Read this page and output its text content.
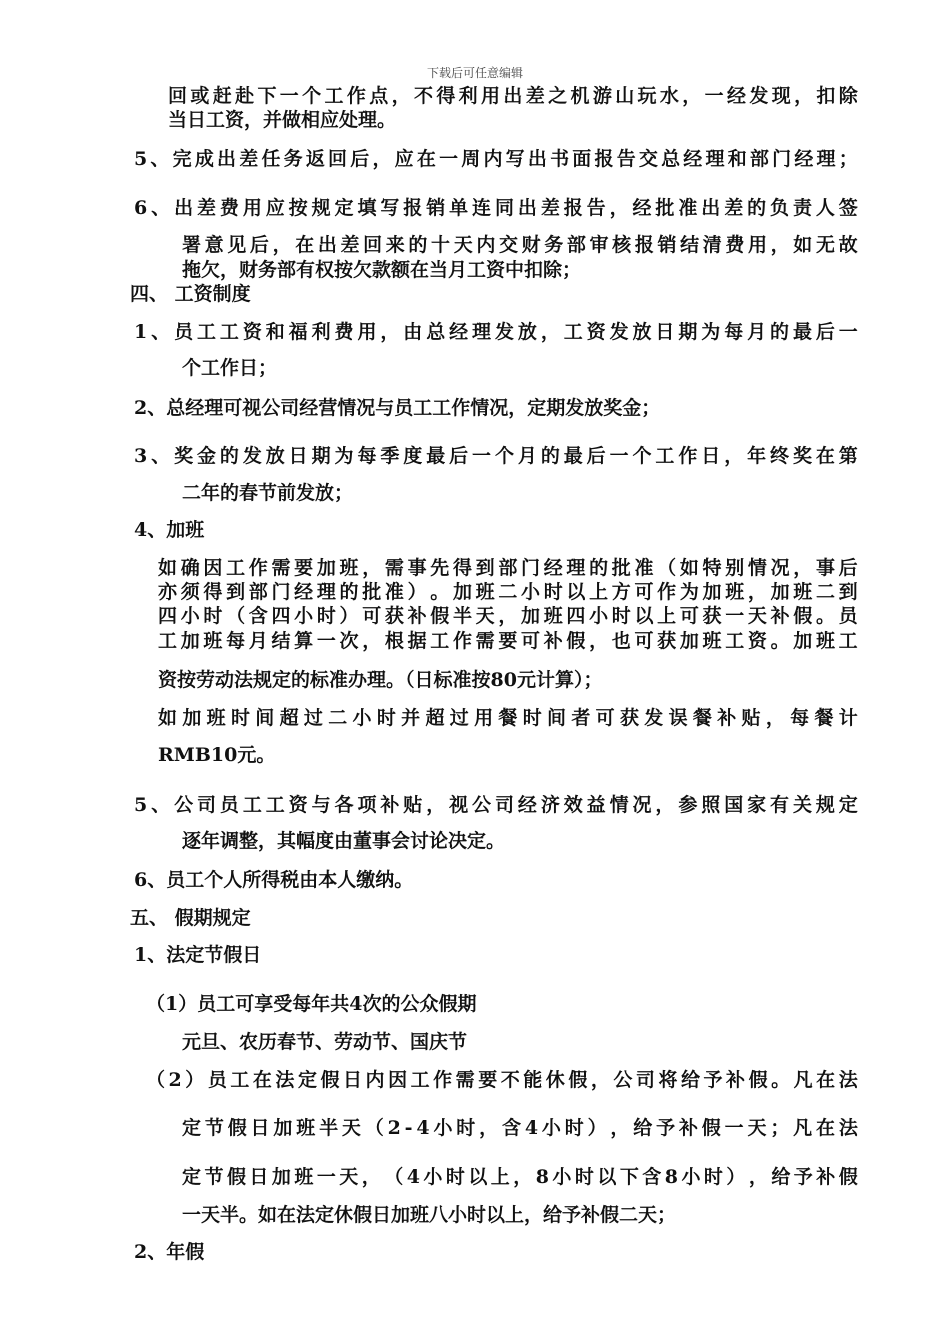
下载后可任意编辑
回 或 赶 赴 下 一 个 工 作 点 ， 不 得 利 用 出 差 之 机 游 山 玩 水 ， 一 经 发 现 ， 扣 除
当日工资，并做相应处理。
5 、 完 成 出 差 任 务 返 回 后 ， 应 在 一 周 内 写 出 书 面 报 告 交 总 经 理 和 部 门 经 理 ；
6 、 出 差 费 用 应 按 规 定 填 写 报 销 单 连 同 出 差 报 告 ， 经 批 准 出 差 的 负 责 人 签
署 意 见 后 ， 在 出 差 回 来 的 十 天 内 交 财 务 部 审 核 报 销 结 清 费 用 ， 如 无 故
拖欠，财务部有权按欠款额在当月工资中扣除；
四、 工资制度
1 、 员 工 工 资 和 福 利 费 用 ， 由 总 经 理 发 放 ， 工 资 发 放 日 期 为 每 月 的 最 后 一
个工作日；
2、总经理可视公司经营情况与员工工作情况，定期发放奖金；
3 、 奖 金 的 发 放 日 期 为 每 季 度 最 后 一 个 月 的 最 后 一 个 工 作 日 ， 年 终 奖 在 第
二年的春节前发放；
4、加班
如 确 因 工 作 需 要 加 班 ， 需 事 先 得 到 部 门 经 理 的 批 准 （ 如 特 别 情 况 ， 事 后
亦 须 得 到 部 门 经 理 的 批 准 ） 。 加 班 二 小 时 以 上 方 可 作 为 加 班 ， 加 班 二 到
四 小 时 （ 含 四 小 时 ） 可 获 补 假 半 天 ， 加 班 四 小 时 以 上 可 获 一 天 补 假 。 员
工 加 班 每 月 结 算 一 次 ， 根 据 工 作 需 要 可 补 假 ， 也 可 获 加 班 工 资 。 加 班 工
资按劳动法规定的标准办理。（日标准按80元计算）；
如 加 班 时 间 超 过 二 小 时 并 超 过 用 餐 时 间 者 可 获 发 误 餐 补 贴 ， 每 餐 计
RMB10元。
5 、 公 司 员 工 工 资 与 各 项 补 贴 ， 视 公 司 经 济 效 益 情 况 ， 参 照 国 家 有 关 规 定
逐年调整，其幅度由董事会讨论决定。
6、员工个人所得税由本人缴纳。
五、 假期规定
1、法定节假日
（1）员工可享受每年共4次的公众假期
元旦、农历春节、劳动节、国庆节
（ 2 ） 员 工 在 法 定 假 日 内 因 工 作 需 要 不 能 休 假 ， 公 司 将 给 予 补 假 。 凡 在 法
定 节 假 日 加 班 半 天 （ 2 - 4 小 时 ， 含 4 小 时 ） ， 给 予 补 假 一 天 ； 凡 在 法
定 节 假 日 加 班 一 天 ， （ 4 小 时 以 上 ， 8 小 时 以 下 含 8 小 时 ） ， 给 予 补 假
一天半。如在法定休假日加班八小时以上，给予补假二天；
2、年假
